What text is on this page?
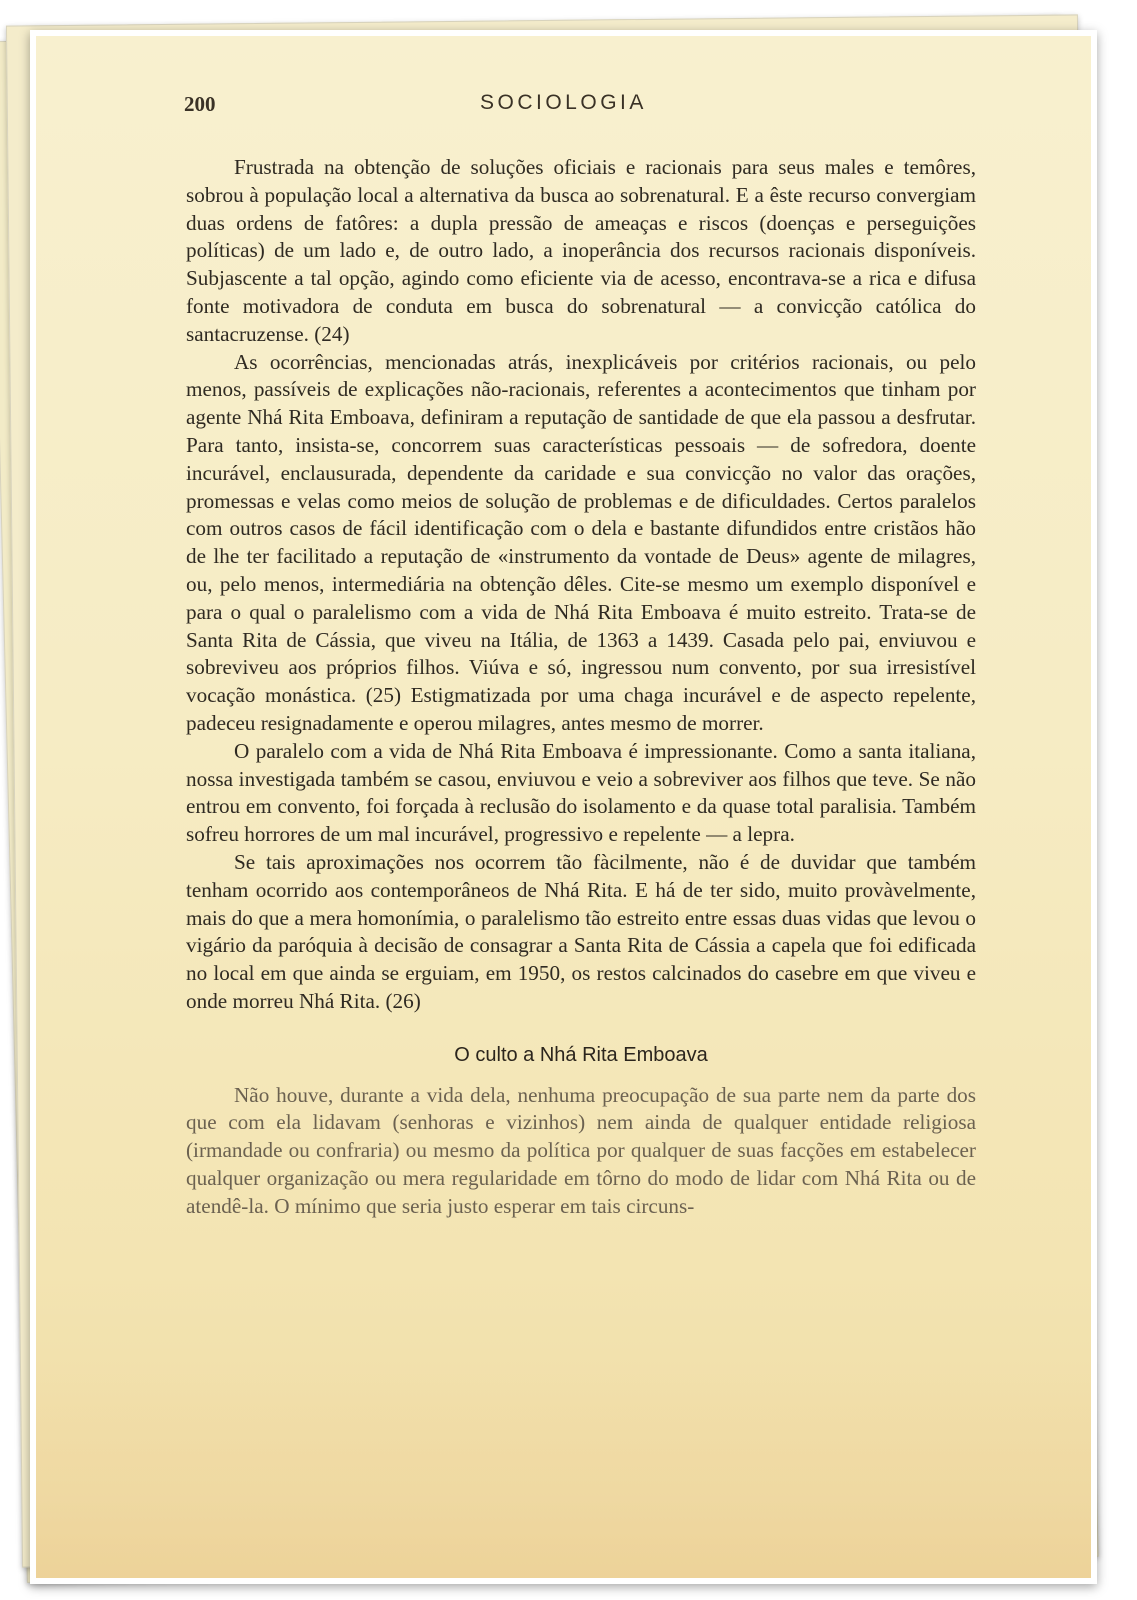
200	SOCIOLOGIA

Frustrada na obtenção de soluções oficiais e racionais para seus males e temôres, sobrou à população local a alternativa da busca ao sobrenatural. E a êste recurso convergiam duas ordens de fatôres: a dupla pressão de ameaças e riscos (doenças e perseguições políticas) de um lado e, de outro lado, a inoperância dos recursos racionais disponíveis. Subjascente a tal opção, agindo como eficiente via de acesso, encontrava-se a rica e difusa fonte motivadora de conduta em busca do sobrenatural — a convicção católica do santacruzense. (24)

As ocorrências, mencionadas atrás, inexplicáveis por critérios racionais, ou pelo menos, passíveis de explicações não-racionais, referentes a acontecimentos que tinham por agente Nhá Rita Emboava, definiram a reputação de santidade de que ela passou a desfrutar. Para tanto, insista-se, concorrem suas características pessoais — de sofredora, doente incurável, enclausurada, dependente da caridade e sua convicção no valor das orações, promessas e velas como meios de solução de problemas e de dificuldades. Certos paralelos com outros casos de fácil identificação com o dela e bastante difundidos entre cristãos hão de lhe ter facilitado a reputação de «instrumento da vontade de Deus» agente de milagres, ou, pelo menos, intermediária na obtenção dêles. Cite-se mesmo um exemplo disponível e para o qual o paralelismo com a vida de Nhá Rita Emboava é muito estreito. Trata-se de Santa Rita de Cássia, que viveu na Itália, de 1363 a 1439. Casada pelo pai, enviuvou e sobreviveu aos próprios filhos. Viúva e só, ingressou num convento, por sua irresistível vocação monástica. (25) Estigmatizada por uma chaga incurável e de aspecto repelente, padeceu resignadamente e operou milagres, antes mesmo de morrer.

O paralelo com a vida de Nhá Rita Emboava é impressionante. Como a santa italiana, nossa investigada também se casou, enviuvou e veio a sobreviver aos filhos que teve. Se não entrou em convento, foi forçada à reclusão do isolamento e da quase total paralisia. Também sofreu horrores de um mal incurável, progressivo e repelente — a lepra.

Se tais aproximações nos ocorrem tão fàcilmente, não é de duvidar que também tenham ocorrido aos contemporâneos de Nhá Rita. E há de ter sido, muito provàvelmente, mais do que a mera homonímia, o paralelismo tão estreito entre essas duas vidas que levou o vigário da paróquia à decisão de consagrar a Santa Rita de Cássia a capela que foi edificada no local em que ainda se erguiam, em 1950, os restos calcinados do casebre em que viveu e onde morreu Nhá Rita. (26)

O culto a Nhá Rita Emboava

Não houve, durante a vida dela, nenhuma preocupação de sua parte nem da parte dos que com ela lidavam (senhoras e vizinhos) nem ainda de qualquer entidade religiosa (irmandade ou confraria) ou mesmo da política por qualquer de suas facções em estabelecer qualquer organização ou mera regularidade em tôrno do modo de lidar com Nhá Rita ou de atendê-la. O mínimo que seria justo esperar em tais circuns-
